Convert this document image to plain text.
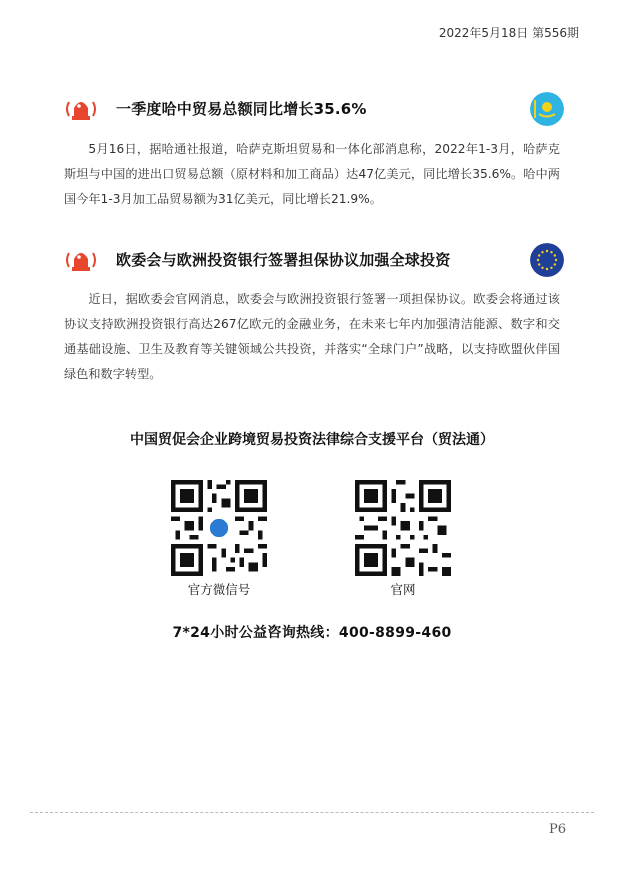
2022年5月18日 第556期
一季度哈中贸易总额同比增长35.6%

5月16日，据哈通社报道，哈萨克斯坦贸易和一体化部消息称，2022年1-3月，哈萨克斯坦与中国的进出口贸易总额（原材料和加工商品）达47亿美元，同比增长35.6%。哈中两国今年1-3月加工品贸易额为31亿美元，同比增长21.9%。

欧委会与欧洲投资银行签署担保协议加强全球投资

近日，据欧委会官网消息，欧委会与欧洲投资银行签署一项担保协议。欧委会将通过该协议支持欧洲投资银行高达267亿欧元的金融业务，在未来七年内加强清洁能源、数字和交通基础设施、卫生及教育等关键领域公共投资，并落实“全球门户”战略，以支持欧盟伙伴国绿色和数字转型。

中国贸促会企业跨境贸易投资法律综合支援平台（贸法通）
官方微信号	官网
7*24小时公益咨询热线：400-8899-460
P6
